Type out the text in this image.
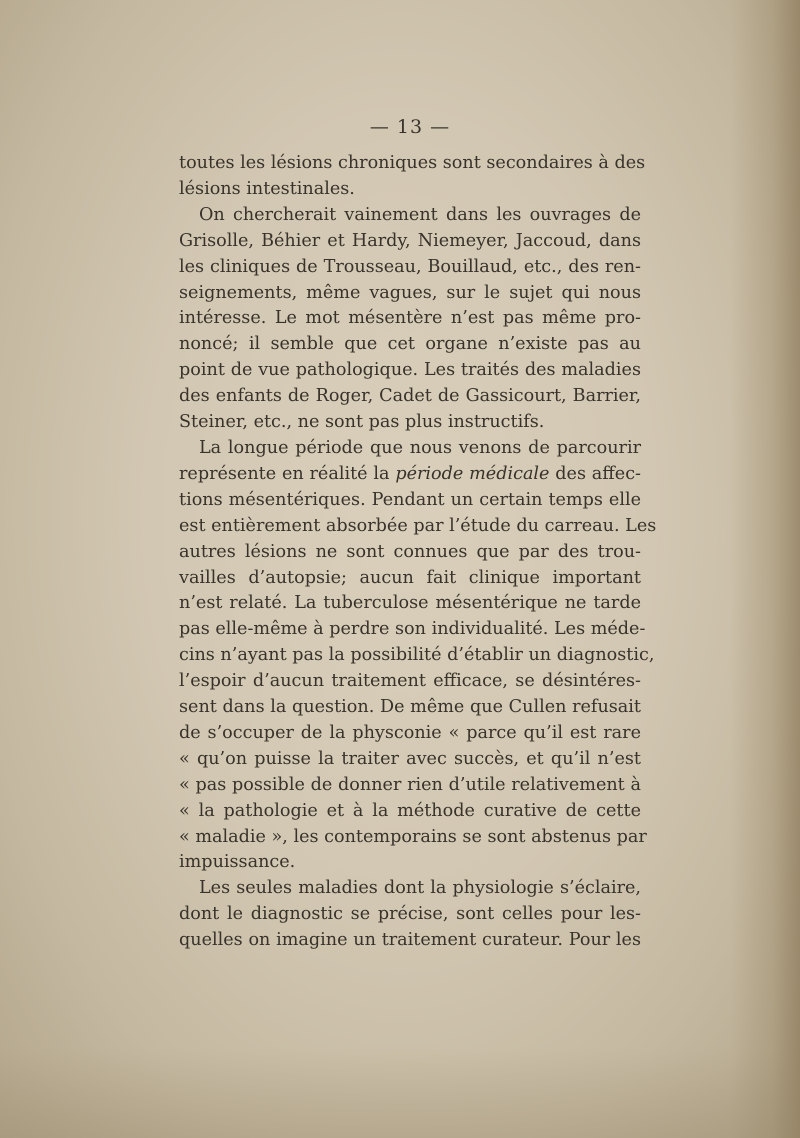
— 13 —
toutes les lésions chroniques sont secondaires à des
lésions intestinales.
On chercherait vainement dans les ouvrages de
Grisolle, Béhier et Hardy, Niemeyer, Jaccoud, dans
les cliniques de Trousseau, Bouillaud, etc., des ren-
seignements, même vagues, sur le sujet qui nous
intéresse. Le mot mésentère n’est pas même pro-
noncé; il semble que cet organe n’existe pas au
point de vue pathologique. Les traités des maladies
des enfants de Roger, Cadet de Gassicourt, Barrier,
Steiner, etc., ne sont pas plus instructifs.
La longue période que nous venons de parcourir
représente en réalité la période médicale des affec-
tions mésentériques. Pendant un certain temps elle
est entièrement absorbée par l’étude du carreau. Les
autres lésions ne sont connues que par des trou-
vailles d’autopsie; aucun fait clinique important
n’est relaté. La tuberculose mésentérique ne tarde
pas elle-même à perdre son individualité. Les méde-
cins n’ayant pas la possibilité d’établir un diagnostic,
l’espoir d’aucun traitement efficace, se désintéres-
sent dans la question. De même que Cullen refusait
de s’occuper de la physconie « parce qu’il est rare
« qu’on puisse la traiter avec succès, et qu’il n’est
« pas possible de donner rien d’utile relativement à
« la pathologie et à la méthode curative de cette
« maladie », les contemporains se sont abstenus par
impuissance.
Les seules maladies dont la physiologie s’éclaire,
dont le diagnostic se précise, sont celles pour les-
quelles on imagine un traitement curateur. Pour les
